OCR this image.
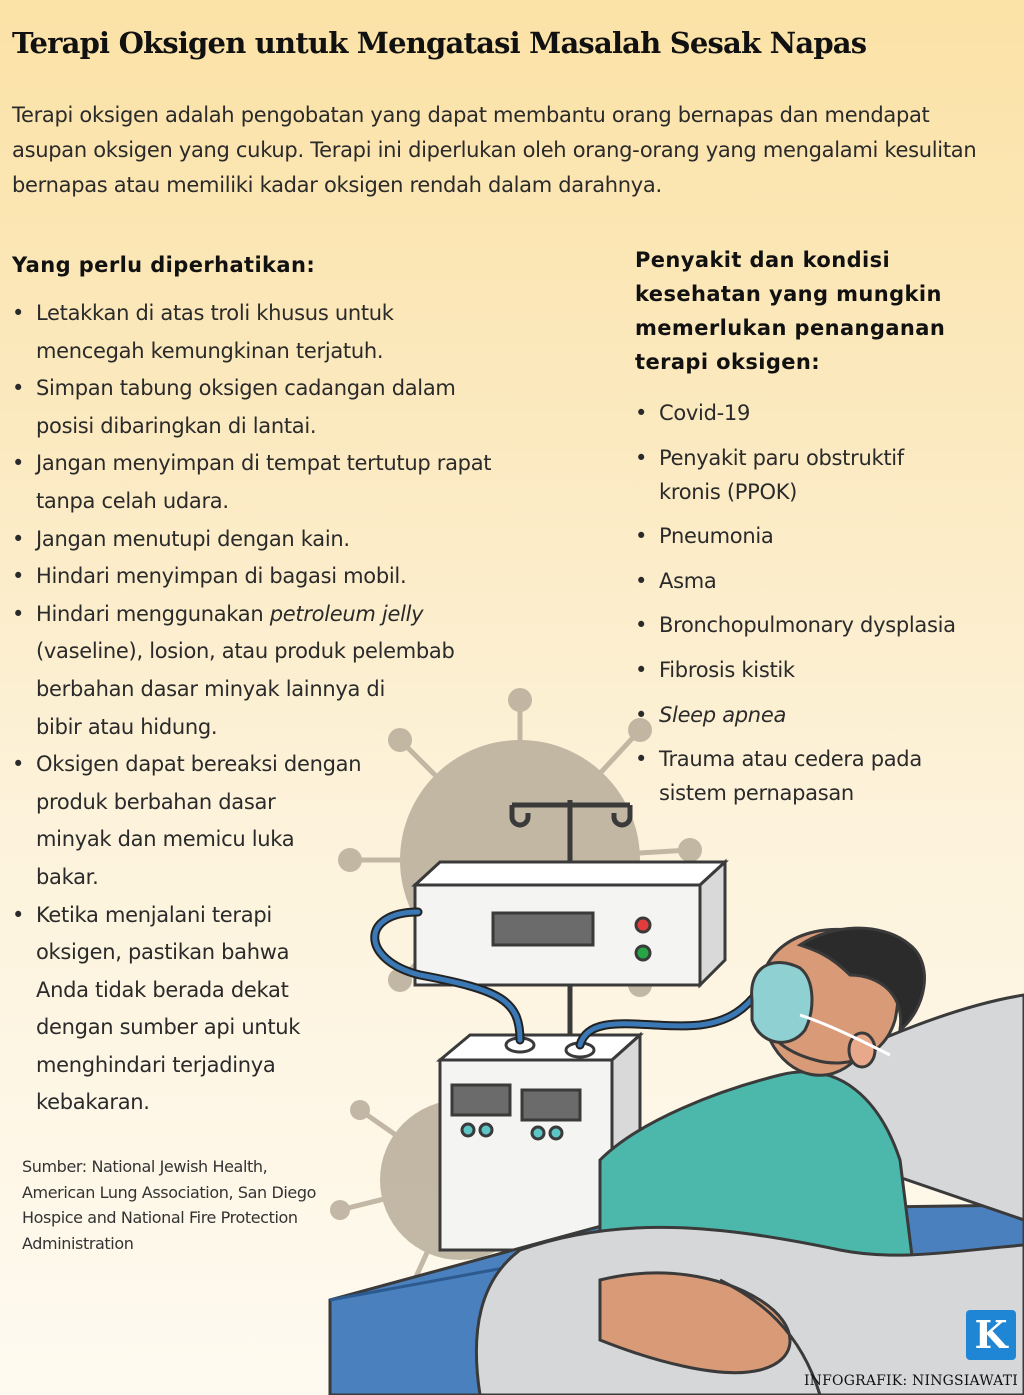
Terapi Oksigen untuk Mengatasi Masalah Sesak Napas

Terapi oksigen adalah pengobatan yang dapat membantu orang bernapas dan mendapat asupan oksigen yang cukup. Terapi ini diperlukan oleh orang-orang yang mengalami kesulitan bernapas atau memiliki kadar oksigen rendah dalam darahnya.

Yang perlu diperhatikan:
• Letakkan di atas troli khusus untuk
mencegah kemungkinan terjatuh.
• Simpan tabung oksigen cadangan dalam
posisi dibaringkan di lantai.
• Jangan menyimpan di tempat tertutup rapat
tanpa celah udara.
• Jangan menutupi dengan kain.
• Hindari menyimpan di bagasi mobil.
• Hindari menggunakan petroleum jelly
(vaseline), losion, atau produk pelembab
berbahan dasar minyak lainnya di
bibir atau hidung.
• Oksigen dapat bereaksi dengan
produk berbahan dasar
minyak dan memicu luka
bakar.
• Ketika menjalani terapi
oksigen, pastikan bahwa
Anda tidak berada dekat
dengan sumber api untuk
menghindari terjadinya
kebakaran.
Penyakit dan kondisi
kesehatan yang mungkin
memerlukan penanganan
terapi oksigen:
• Covid-19
• Penyakit paru obstruktif
kronis (PPOK)
• Pneumonia
• Asma
• Bronchopulmonary dysplasia
• Fibrosis kistik
• Sleep apnea
• Trauma atau cedera pada
sistem pernapasan

Sumber: National Jewish Health,
American Lung Association, San Diego
Hospice and National Fire Protection
Administration

K

INFOGRAFIK: NINGSIAWATI
